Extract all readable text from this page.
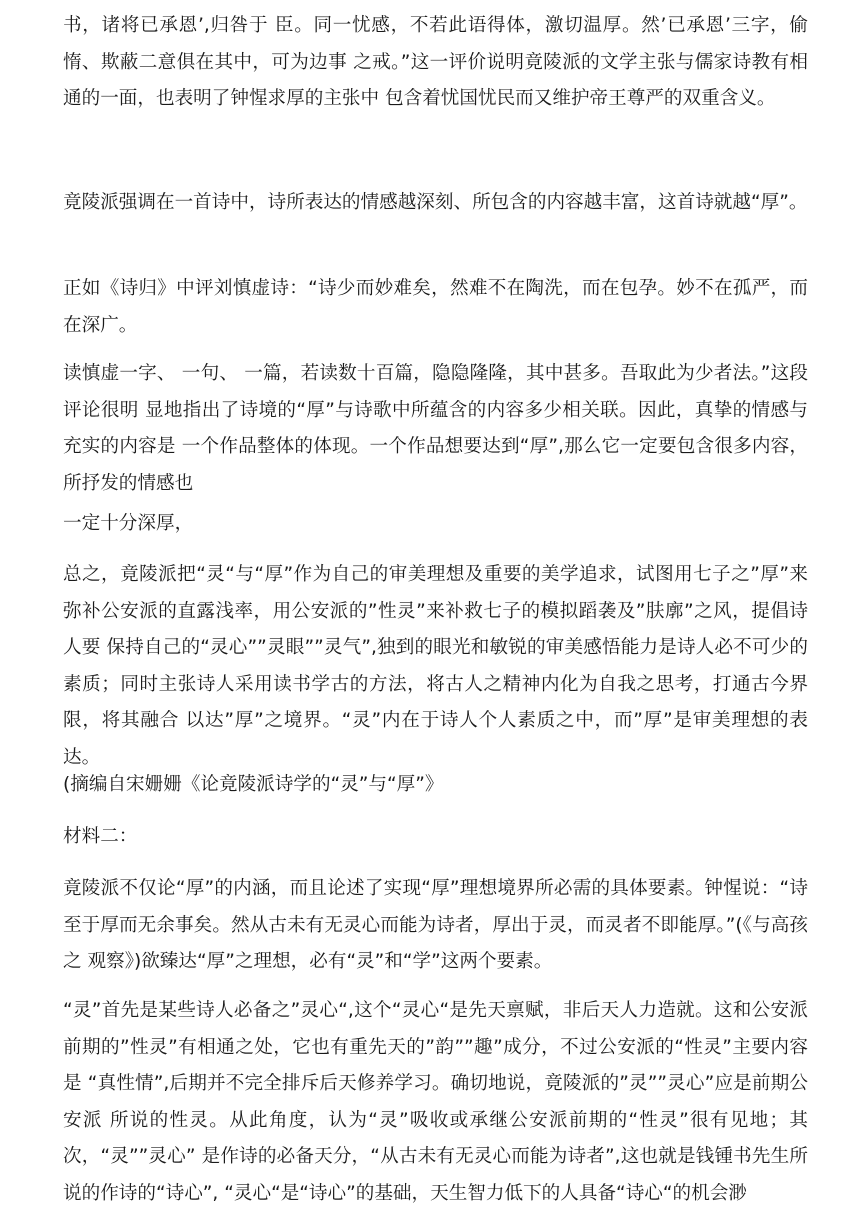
书，诸将已承恩’,归咎于 臣。同一忧感，不若此语得体，激切温厚。然’已承恩’三字，偷惰、欺蔽二意俱在其中，可为边事 之戒。”这一评价说明竟陵派的文学主张与儒家诗教有相通的一面，也表明了钟惺求厚的主张中 包含着忧国忧民而又维护帝王尊严的双重含义。

竟陵派强调在一首诗中，诗所表达的情感越深刻、所包含的内容越丰富，这首诗就越“厚”。

正如《诗归》中评刘慎虚诗：“诗少而妙难矣，然难不在陶洗，而在包孕。妙不在孤严，而在深广。

读慎虚一字、 一句、 一篇，若读数十百篇，隐隐隆隆，其中甚多。吾取此为少者法。”这段评论很明 显地指出了诗境的“厚”与诗歌中所蕴含的内容多少相关联。因此，真挚的情感与充实的内容是 一个作品整体的体现。一个作品想要达到“厚”,那么它一定要包含很多内容，所抒发的情感也

一定十分深厚，

总之，竟陵派把“灵“与“厚”作为自己的审美理想及重要的美学追求，试图用七子之”厚”来弥补公安派的直露浅率，用公安派的”性灵”来补救七子的模拟蹈袭及”肤廓”之风，提倡诗人要 保持自己的“灵心””灵眼””灵气”,独到的眼光和敏锐的审美感悟能力是诗人必不可少的素质；同时主张诗人采用读书学古的方法，将古人之精神内化为自我之思考，打通古今界限，将其融合 以达”厚”之境界。“灵”内在于诗人个人素质之中，而”厚”是审美理想的表达。

(摘编自宋姗姗《论竟陵派诗学的“灵”与“厚”》

材料二：

竟陵派不仅论“厚”的内涵，而且论述了实现“厚”理想境界所必需的具体要素。钟惺说：“诗 至于厚而无余事矣。然从古未有无灵心而能为诗者，厚出于灵，而灵者不即能厚。”(《与高孩之 观察》)欲臻达“厚”之理想，必有“灵”和“学”这两个要素。

“灵”首先是某些诗人必备之”灵心“,这个“灵心“是先天禀赋，非后天人力造就。这和公安派前期的”性灵”有相通之处，它也有重先天的”韵””趣”成分，不过公安派的“性灵”主要内容是 “真性情”,后期并不完全排斥后天修养学习。确切地说，竟陵派的”灵””灵心”应是前期公安派 所说的性灵。从此角度，认为“灵”吸收或承继公安派前期的“性灵”很有见地；其次，“灵””灵心” 是作诗的必备天分，“从古未有无灵心而能为诗者”,这也就是钱锺书先生所说的作诗的“诗心”, “灵心“是“诗心”的基础，天生智力低下的人具备“诗心“的机会渺
